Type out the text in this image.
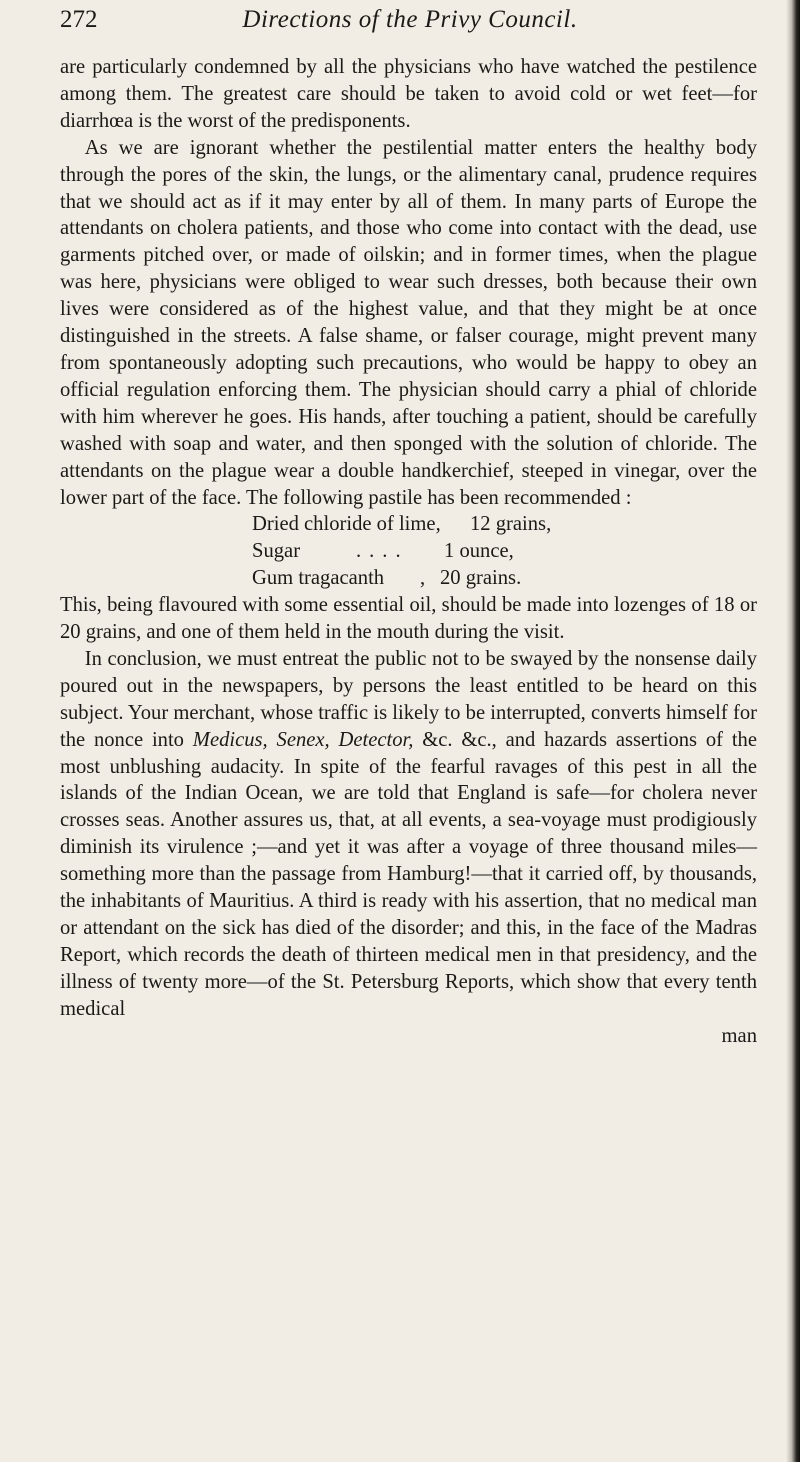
272	Directions of the Privy Council.

are particularly condemned by all the physicians who have watched the pestilence among them. The greatest care should be taken to avoid cold or wet feet—for diarrhœa is the worst of the predisponents.

As we are ignorant whether the pestilential matter enters the healthy body through the pores of the skin, the lungs, or the alimentary canal, prudence requires that we should act as if it may enter by all of them. In many parts of Europe the attendants on cholera patients, and those who come into contact with the dead, use garments pitched over, or made of oilskin; and in former times, when the plague was here, physicians were obliged to wear such dresses, both because their own lives were considered as of the highest value, and that they might be at once distinguished in the streets. A false shame, or falser courage, might prevent many from spontaneously adopting such precautions, who would be happy to obey an official regulation enforcing them. The physician should carry a phial of chloride with him wherever he goes. His hands, after touching a patient, should be carefully washed with soap and water, and then sponged with the solution of chloride. The attendants on the plague wear a double handkerchief, steeped in vinegar, over the lower part of the face. The following pastile has been recommended :

Dried chloride of lime,	12 grains,
Sugar	....	1 ounce,
Gum tragacanth	, 20 grains.

This, being flavoured with some essential oil, should be made into lozenges of 18 or 20 grains, and one of them held in the mouth during the visit.

In conclusion, we must entreat the public not to be swayed by the nonsense daily poured out in the newspapers, by persons the least entitled to be heard on this subject. Your merchant, whose traffic is likely to be interrupted, converts himself for the nonce into Medicus, Senex, Detector, &c. &c., and hazards assertions of the most unblushing audacity. In spite of the fearful ravages of this pest in all the islands of the Indian Ocean, we are told that England is safe—for cholera never crosses seas. Another assures us, that, at all events, a sea-voyage must prodigiously diminish its virulence ;—and yet it was after a voyage of three thousand miles—something more than the passage from Hamburg!—that it carried off, by thousands, the inhabitants of Mauritius. A third is ready with his assertion, that no medical man or attendant on the sick has died of the disorder; and this, in the face of the Madras Report, which records the death of thirteen medical men in that presidency, and the illness of twenty more—of the St. Petersburg Reports, which show that every tenth medical

man
